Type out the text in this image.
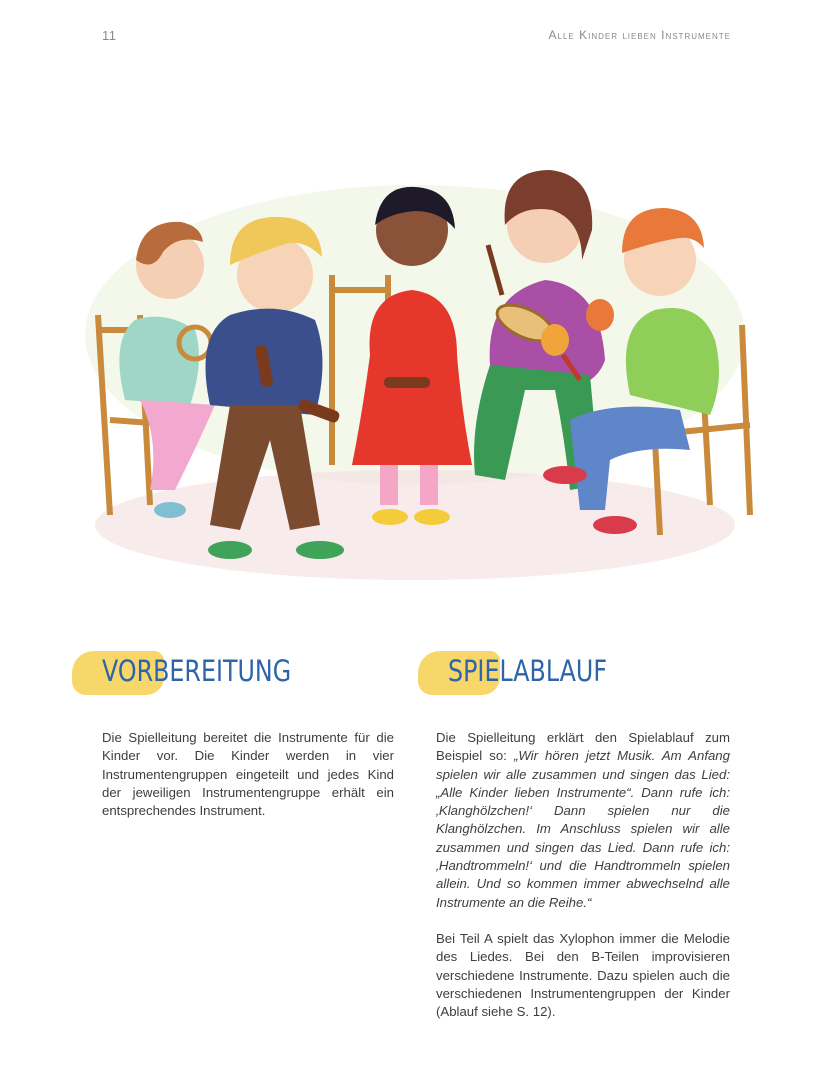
11	Alle Kinder lieben Instrumente
VORBEREITUNG	SPIELABLAUF

Die Spielleitung bereitet die Instrumente für die Kinder vor. Die Kinder werden in vier Instrumentengruppen eingeteilt und jedes Kind der jeweiligen Instrumentengruppe erhält ein entsprechendes Instrument.

Die Spielleitung erklärt den Spielablauf zum Beispiel so: „Wir hören jetzt Musik. Am Anfang spielen wir alle zusammen und singen das Lied: „Alle Kinder lieben Instrumente“. Dann rufe ich: ‚Klanghölzchen!‘ Dann spielen nur die Klanghölzchen. Im Anschluss spielen wir alle zusammen und singen das Lied. Dann rufe ich: ‚Handtrommeln!‘ und die Handtrommeln spielen allein. Und so kommen immer abwechselnd alle Instrumente an die Reihe.“

Bei Teil A spielt das Xylophon immer die Melodie des Liedes. Bei den B-Teilen improvisieren verschiedene Instrumente. Dazu spielen auch die verschiedenen Instrumentengruppen der Kinder (Ablauf siehe S. 12).
